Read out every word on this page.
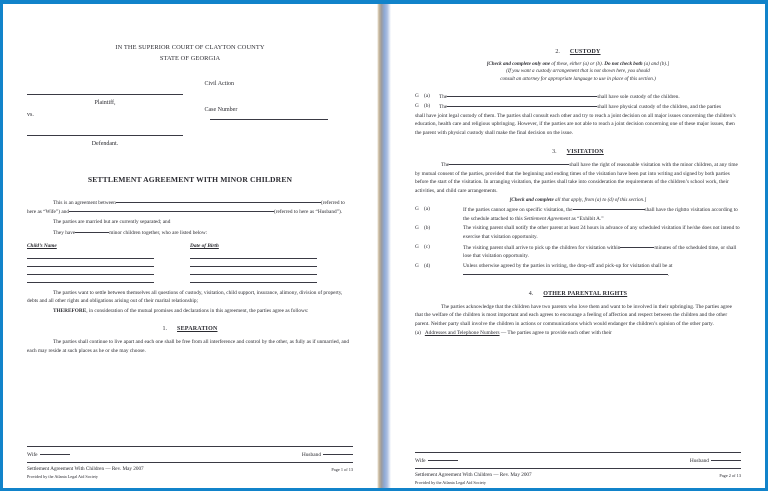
IN THE SUPERIOR COURT OF CLAYTON COUNTY
STATE OF GEORGIA
Plaintiff,
vs.
Defendant.
Civil Action
Case Number
SETTLEMENT AGREEMENT WITH MINOR CHILDREN
This is an agreement between	(referred to here as “Wife”) and	(referred to here as “Husband”).
The parties are married but are currently separated; and
They have	minor children together, who are listed below:
Child’s Name	Date of Birth
The parties want to settle between themselves all questions of custody, visitation, child support, insurance, alimony, division of property, debts and all other rights and obligations arising out of their marital relationship;
THEREFORE, in consideration of the mutual promises and declarations in this agreement, the parties agree as follows:
1. SEPARATION
The parties shall continue to live apart and each one shall be free from all interference and control by the other, as fully as if unmarried, and each may reside at such places as he or she may choose.
Wife	Husband
Settlement Agreement With Children — Rev. May 2007
Provided by the Atlanta Legal Aid Society
Page 1 of 13
2. CUSTODY
[Check and complete only one of these, either (a) or (b). Do not check both (a) and (b).]
(If you want a custody arrangement that is not shown here, you should
consult an attorney for appropriate language to use in place of this section.)
G (a)	The	shall have sole custody of the children.
G (b)	The	shall have physical custody of the children, and the parties
shall have joint legal custody of them. The parties shall consult each other and try to reach a joint decision on all major issues concerning the children’s education, health care and religious upbringing. However, if the parties are not able to reach a joint decision concerning one of these major issues, then the parent with physical custody shall make the final decision on the issue.
3. VISITATION
The	shall have the right of reasonable visitation with the minor children, at any time by mutual consent of the parties, provided that the beginning and ending times of the visitation have been put into writing and signed by both parties before the start of the visitation. In arranging visitation, the parties shall take into consideration the requirements of the children’s school work, their activities, and child care arrangements.
[Check and complete all that apply, from (a) to (d) of this section.]
G (a)	If the parties cannot agree on specific visitation, the	shall have the rightto visitation according to the schedule attached to this Settlement Agreement as “Exhibit A.”
G (b)	The visiting parent shall notify the other parent at least 24 hours in advance of any scheduled visitation if he/she does not intend to exercise that visitation opportunity.
G (c)	The visiting parent shall arrive to pick up the children for visitation within	minutes of the scheduled time, or shall lose that visitation opportunity.
G (d)	Unless otherwise agreed by the parties in writing, the drop-off and pick-up for visitation shall be at.
4. OTHER PARENTAL RIGHTS
The parties acknowledge that the children have two parents who love them and want to be involved in their upbringing. The parties agree that the welfare of the children is most important and each agrees to encourage a feeling of affection and respect between the children and the other parent. Neither party shall involve the children in actions or communications which would endanger the children’s opinion of the other party.
(a) Addresses and Telephone Numbers — The parties agree to provide each other with their
Wife	Husband
Settlement Agreement With Children — Rev. May 2007
Provided by the Atlanta Legal Aid Society
Page 2 of 13
